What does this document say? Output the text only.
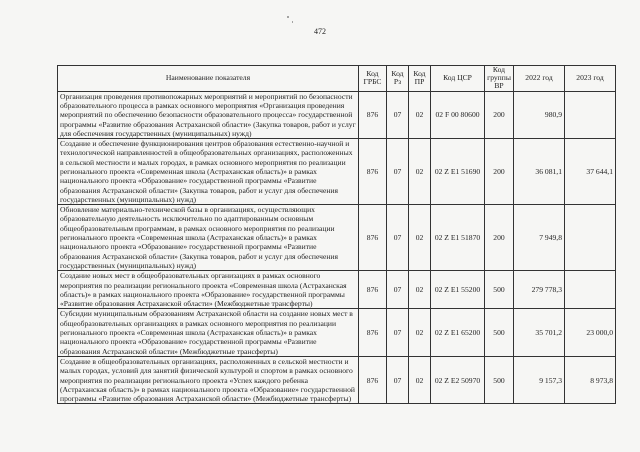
472
Наименование показателя	Код ГРБС	Код Рз	Код ПР	Код ЦСР	Код группы ВР	2022 год	2023 год
Организация проведения противопожарных мероприятий и мероприятий по безопасности образовательного процесса в рамках основного мероприятия «Организация проведения мероприятий по обеспечению безопасности образовательного процесса» государственной программы «Развитие образования Астраханской области» (Закупка товаров, работ и услуг для обеспечения государственных (муниципальных) нужд)	876	07	02	02 F 00 80600	200	980,9	
Создание и обеспечение функционирования центров образования естественно-научной и технологической направленностей в общеобразовательных организациях, расположенных в сельской местности и малых городах, в рамках основного мероприятия по реализации регионального проекта «Современная школа (Астраханская область)» в рамках национального проекта «Образование» государственной программы «Развитие образования Астраханской области» (Закупка товаров, работ и услуг для обеспечения государственных (муниципальных) нужд)	876	07	02	02 Z E1 51690	200	36 081,1	37 644,1
Обновление материально-технической базы в организациях, осуществляющих образовательную деятельность исключительно по адаптированным основным общеобразовательным программам, в рамках основного мероприятия по реализации регионального проекта «Современная школа (Астраханская область)» в рамках национального проекта «Образование» государственной программы «Развитие образования Астраханской области» (Закупка товаров, работ и услуг для обеспечения государственных (муниципальных) нужд)	876	07	02	02 Z E1 51870	200	7 949,8	
Создание новых мест в общеобразовательных организациях в рамках основного мероприятия по реализации регионального проекта «Современная школа (Астраханская область)» в рамках национального проекта «Образование» государственной программы «Развитие образования Астраханской области» (Межбюджетные трансферты)	876	07	02	02 Z E1 55200	500	279 778,3	
Субсидии муниципальным образованиям Астраханской области на создание новых мест в общеобразовательных организациях в рамках основного мероприятия по реализации регионального проекта «Современная школа (Астраханская область)» в рамках национального проекта «Образование» государственной программы «Развитие образования Астраханской области» (Межбюджетные трансферты)	876	07	02	02 Z E1 65200	500	35 701,2	23 000,0
Создание в общеобразовательных организациях, расположенных в сельской местности и малых городах, условий для занятий физической культурой и спортом в рамках основного мероприятия по реализации регионального проекта «Успех каждого ребенка (Астраханская область)» в рамках национального проекта «Образование» государственной программы «Развитие образования Астраханской области» (Межбюджетные трансферты)	876	07	02	02 Z E2 50970	500	9 157,3	8 973,8
